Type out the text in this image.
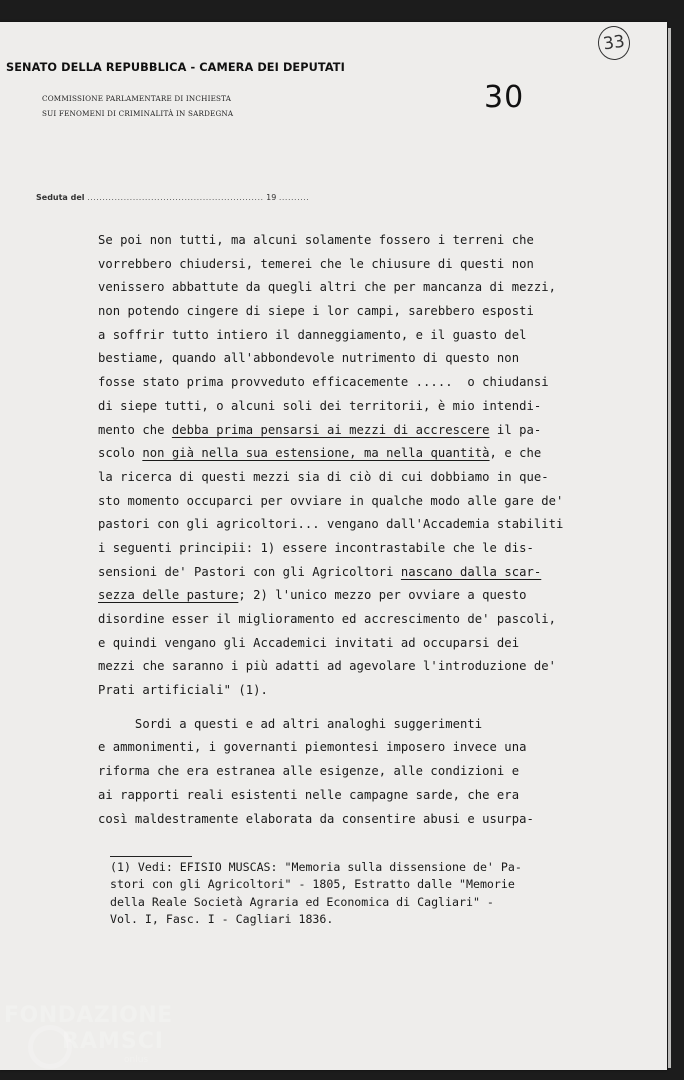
SENATO DELLA REPUBBLICA - CAMERA DEI DEPUTATI
COMMISSIONE PARLAMENTARE DI INCHIESTA
SUI FENOMENI DI CRIMINALITÀ IN SARDEGNA
33
30
Seduta del .......................................................... 19 ..........
Se poi non tutti, ma alcuni solamente fossero i terreni che
vorrebbero chiudersi, temerei che le chiusure di questi non
venissero abbattute da quegli altri che per mancanza di mezzi,
non potendo cingere di siepe i lor campi, sarebbero esposti
a soffrir tutto intiero il danneggiamento, e il guasto del
bestiame, quando all'abbondevole nutrimento di questo non
fosse stato prima provveduto efficacemente .....  o chiudansi
di siepe tutti, o alcuni soli dei territorii, è mio intendi-
mento che debba prima pensarsi ai mezzi di accrescere il pa-
scolo non già nella sua estensione, ma nella quantità, e che
la ricerca di questi mezzi sia di ciò di cui dobbiamo in que-
sto momento occuparci per ovviare in qualche modo alle gare de'
pastori con gli agricoltori... vengano dall'Accademia stabiliti
i seguenti principii: 1) essere incontrastabile che le dis-
sensioni de' Pastori con gli Agricoltori nascano dalla scar-
sezza delle pasture; 2) l'unico mezzo per ovviare a questo
disordine esser il miglioramento ed accrescimento de' pascoli,
e quindi vengano gli Accademici invitati ad occuparsi dei
mezzi che saranno i più adatti ad agevolare l'introduzione de'
Prati artificiali" (1).
Sordi a questi e ad altri analoghi suggerimenti
e ammonimenti, i governanti piemontesi imposero invece una
riforma che era estranea alle esigenze, alle condizioni e
ai rapporti reali esistenti nelle campagne sarde, che era
così maldestramente elaborata da consentire abusi e usurpa-
(1) Vedi: EFISIO MUSCAS: "Memoria sulla dissensione de' Pa-
stori con gli Agricoltori" - 1805, Estratto dalle "Memorie
della Reale Società Agraria ed Economica di Cagliari" -
Vol. I, Fasc. I - Cagliari 1836.
FONDAZIONE
RAMSCI
onlus
